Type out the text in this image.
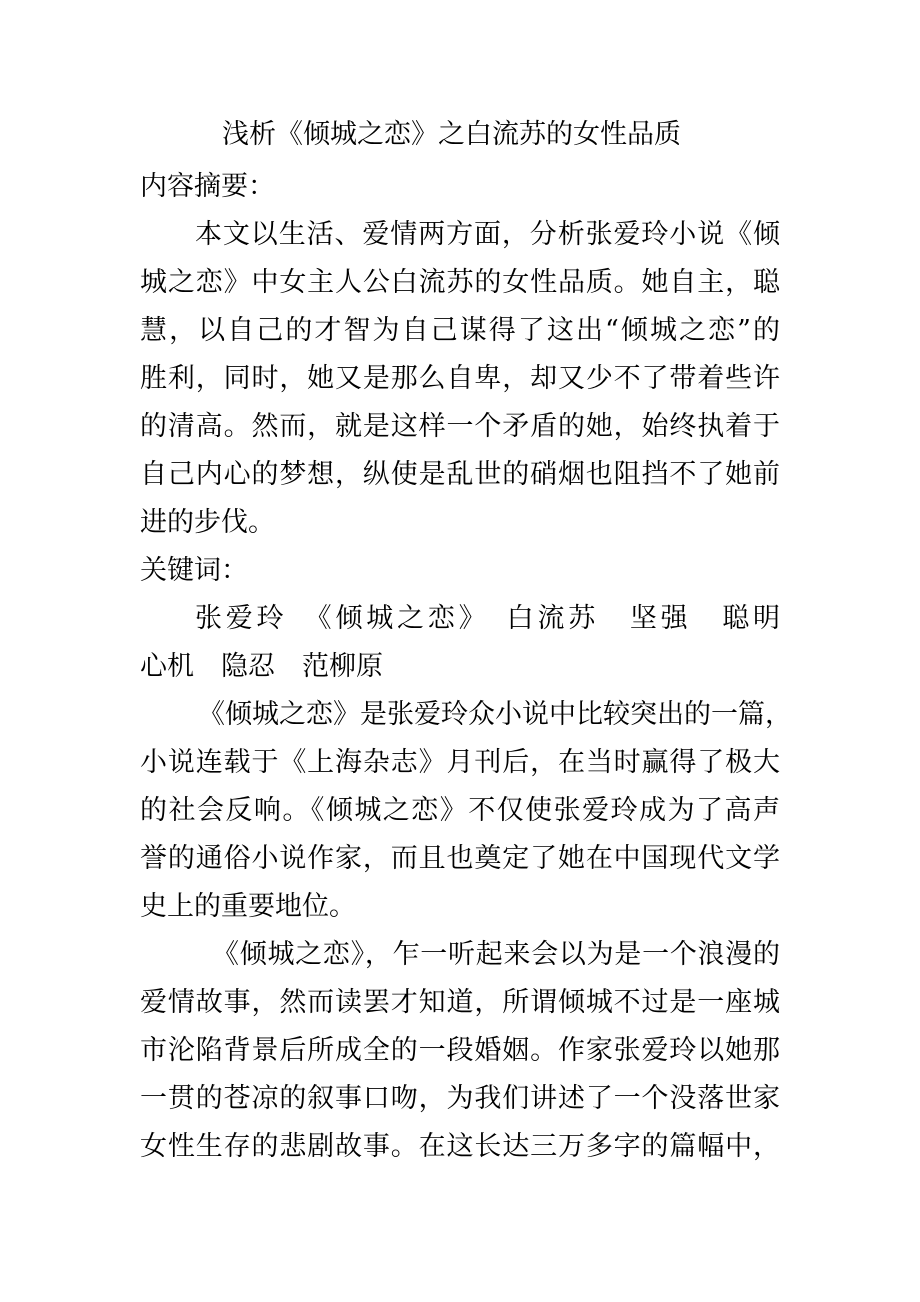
浅析《倾城之恋》之白流苏的女性品质
内容摘要：
本文以生活、爱情两方面，分析张爱玲小说《倾
城之恋》中女主人公白流苏的女性品质。她自主，聪
慧，以自己的才智为自己谋得了这出“倾城之恋”的
胜利，同时，她又是那么自卑，却又少不了带着些许
的清高。然而，就是这样一个矛盾的她，始终执着于
自己内心的梦想，纵使是乱世的硝烟也阻挡不了她前
进的步伐。
关键词：
张爱玲　《倾城之恋》　白流苏　坚强　聪明
心机　隐忍　范柳原
《倾城之恋》是张爱玲众小说中比较突出的一篇，
小说连载于《上海杂志》月刊后，在当时赢得了极大
的社会反响。《倾城之恋》不仅使张爱玲成为了高声
誉的通俗小说作家，而且也奠定了她在中国现代文学
史上的重要地位。
《倾城之恋》，乍一听起来会以为是一个浪漫的
爱情故事，然而读罢才知道，所谓倾城不过是一座城
市沦陷背景后所成全的一段婚姻。作家张爱玲以她那
一贯的苍凉的叙事口吻，为我们讲述了一个没落世家
女性生存的悲剧故事。在这长达三万多字的篇幅中，
